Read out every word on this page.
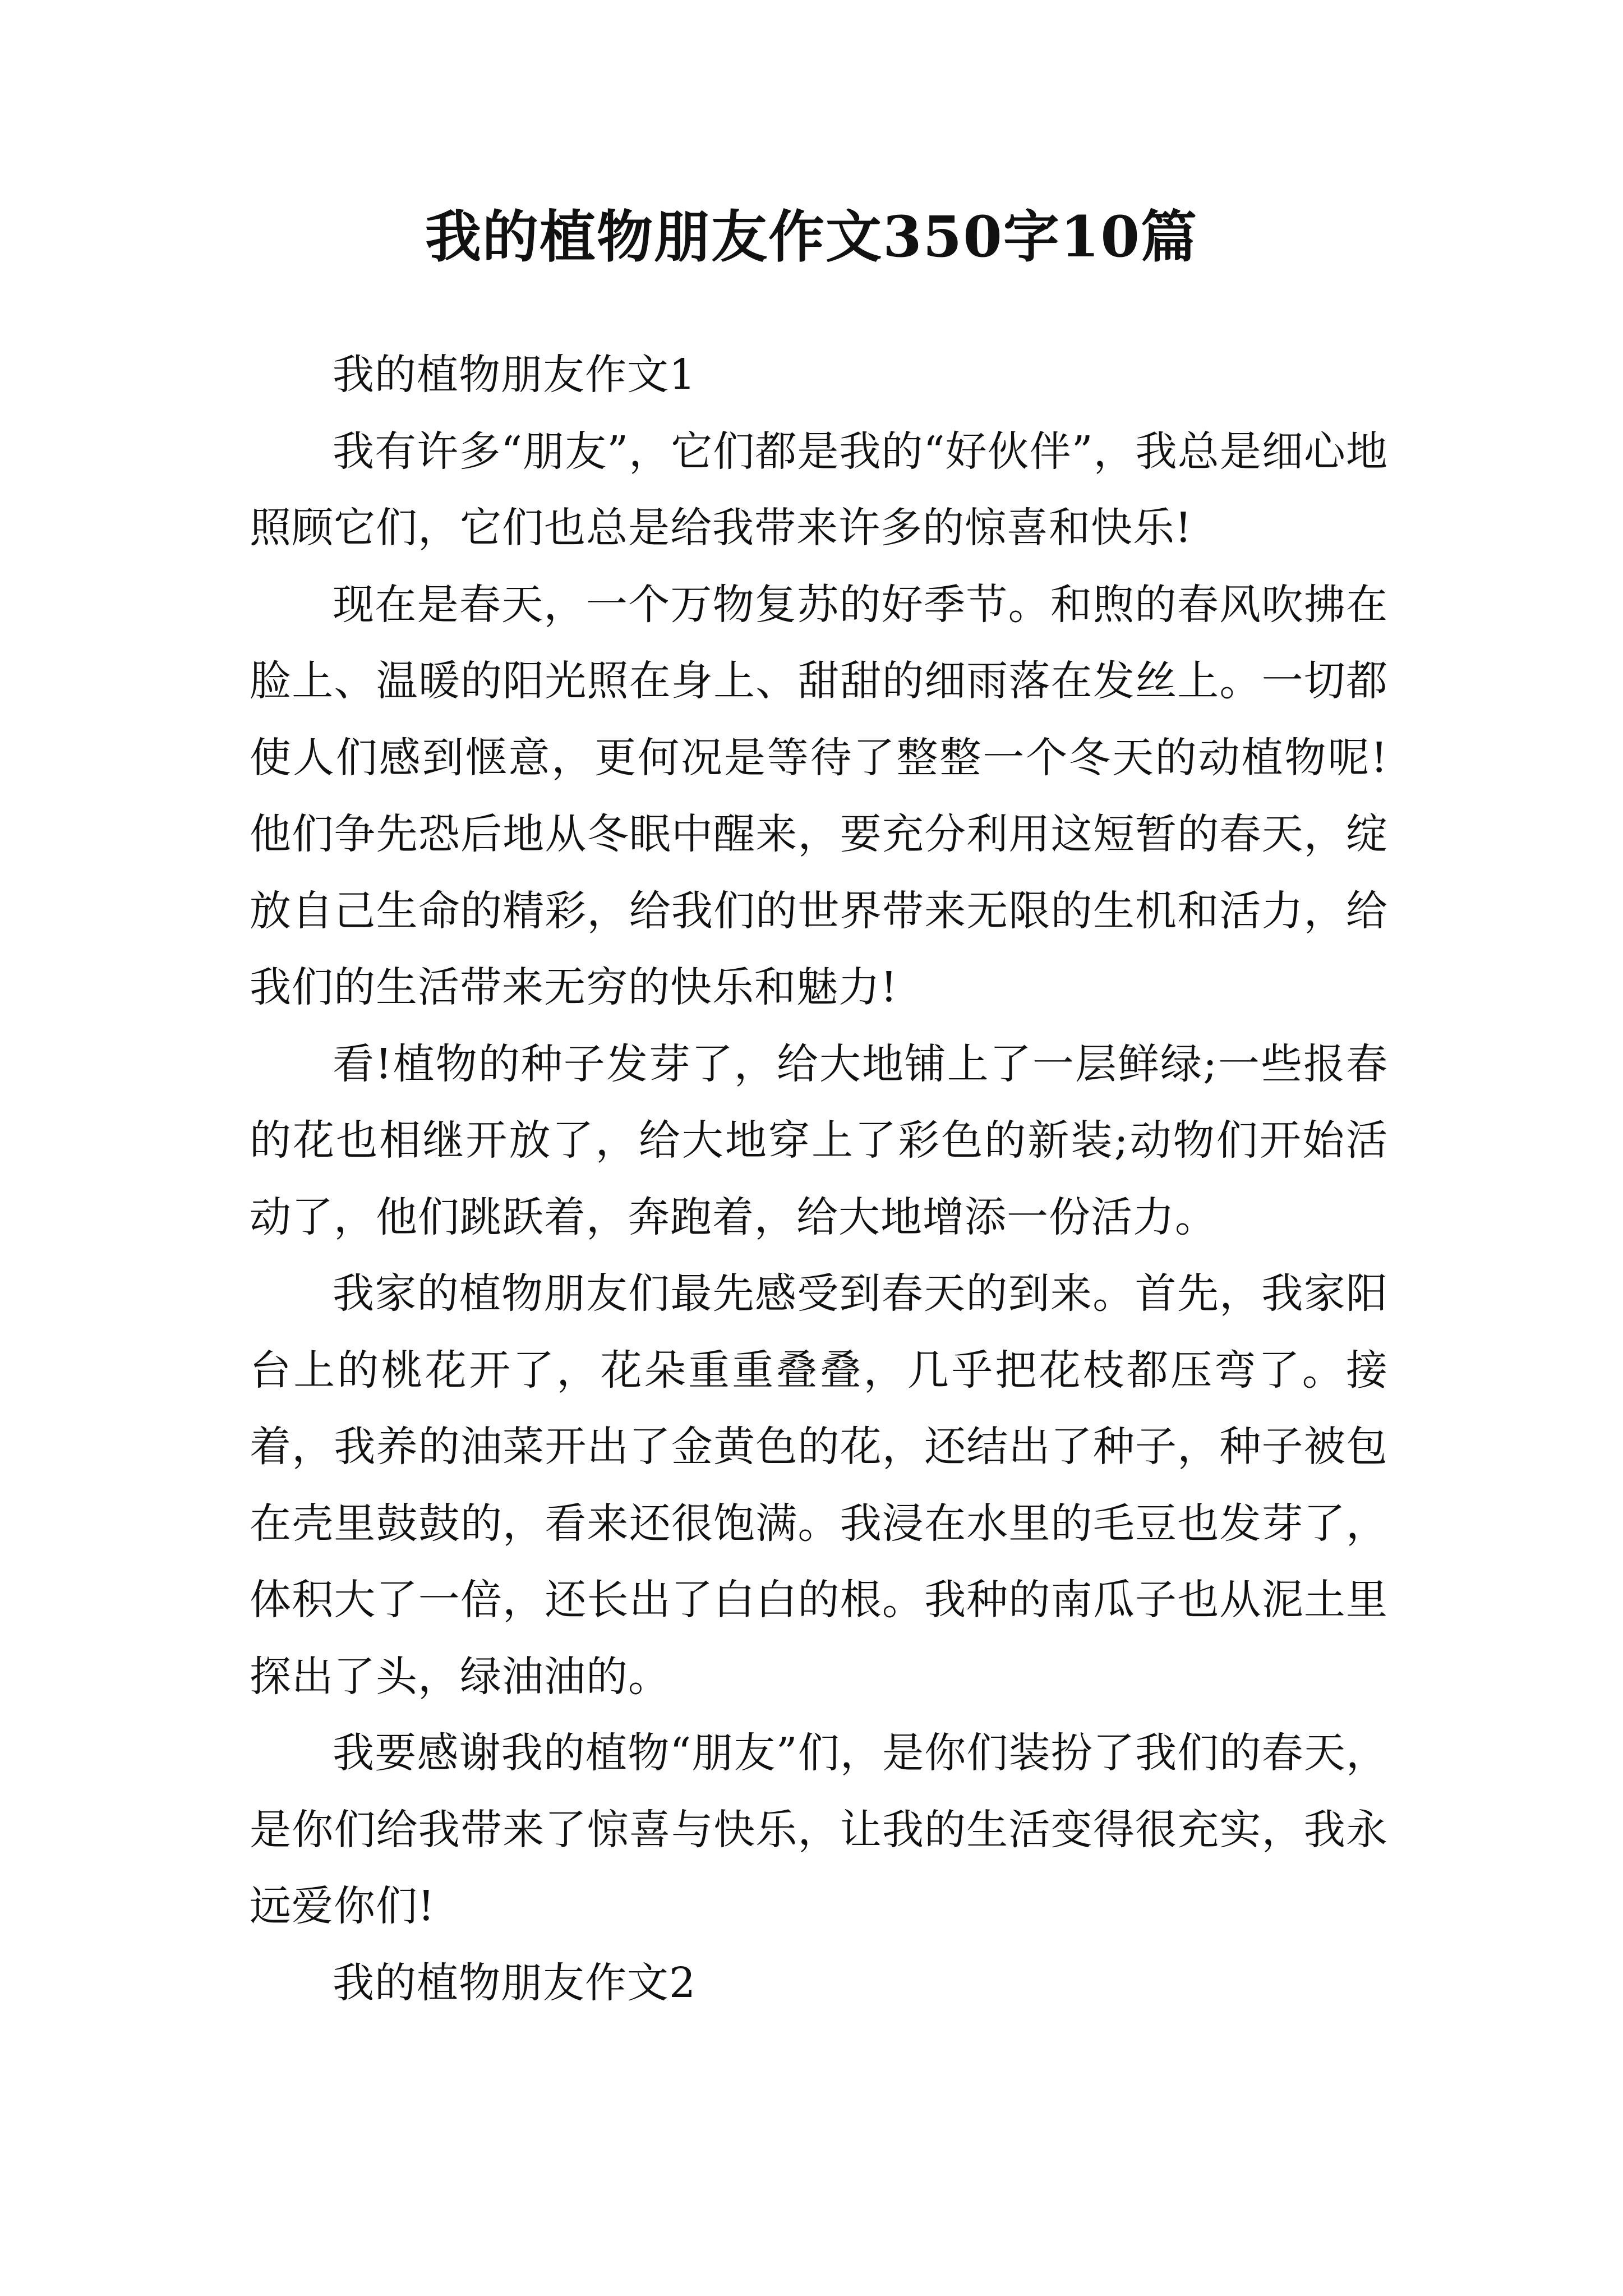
我的植物朋友作文350字10篇

我的植物朋友作文1

我有许多“朋友”，它们都是我的“好伙伴”，我总是细心地照顾它们，它们也总是给我带来许多的惊喜和快乐!

现在是春天，一个万物复苏的好季节。和煦的春风吹拂在脸上、温暖的阳光照在身上、甜甜的细雨落在发丝上。一切都使人们感到惬意，更何况是等待了整整一个冬天的动植物呢!他们争先恐后地从冬眠中醒来，要充分利用这短暂的春天，绽放自己生命的精彩，给我们的世界带来无限的生机和活力，给我们的生活带来无穷的快乐和魅力!

看!植物的种子发芽了，给大地铺上了一层鲜绿;一些报春的花也相继开放了，给大地穿上了彩色的新装;动物们开始活动了，他们跳跃着，奔跑着，给大地增添一份活力。

我家的植物朋友们最先感受到春天的到来。首先，我家阳台上的桃花开了，花朵重重叠叠，几乎把花枝都压弯了。接着，我养的油菜开出了金黄色的花，还结出了种子，种子被包在壳里鼓鼓的，看来还很饱满。我浸在水里的毛豆也发芽了，体积大了一倍，还长出了白白的根。我种的南瓜子也从泥土里探出了头，绿油油的。

我要感谢我的植物“朋友”们，是你们装扮了我们的春天，是你们给我带来了惊喜与快乐，让我的生活变得很充实，我永远爱你们!

我的植物朋友作文2
